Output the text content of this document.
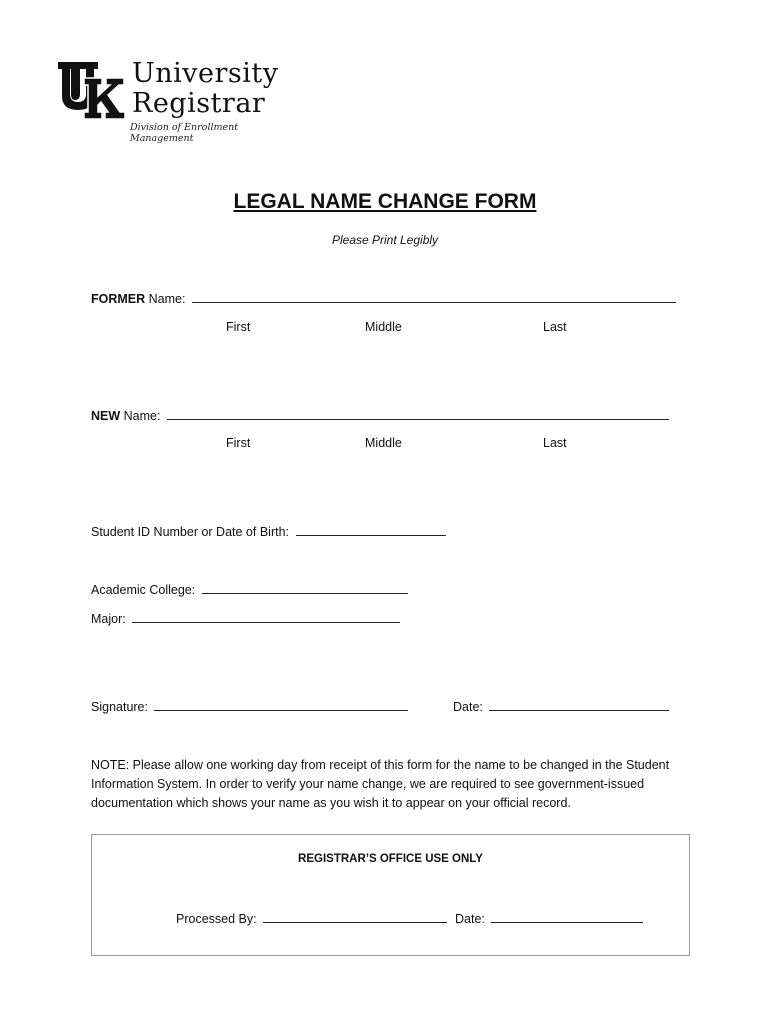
University
Registrar
Division of Enrollment Management
LEGAL NAME CHANGE FORM
Please Print Legibly
FORMER Name:
First	Middle	Last
NEW Name:
First	Middle	Last
Student ID Number or Date of Birth:
Academic College:
Major:
Signature:	Date:
NOTE: Please allow one working day from receipt of this form for the name to be changed in the Student Information System. In order to verify your name change, we are required to see government-issued documentation which shows your name as you wish it to appear on your official record.
REGISTRAR’S OFFICE USE ONLY
Processed By:	Date:
